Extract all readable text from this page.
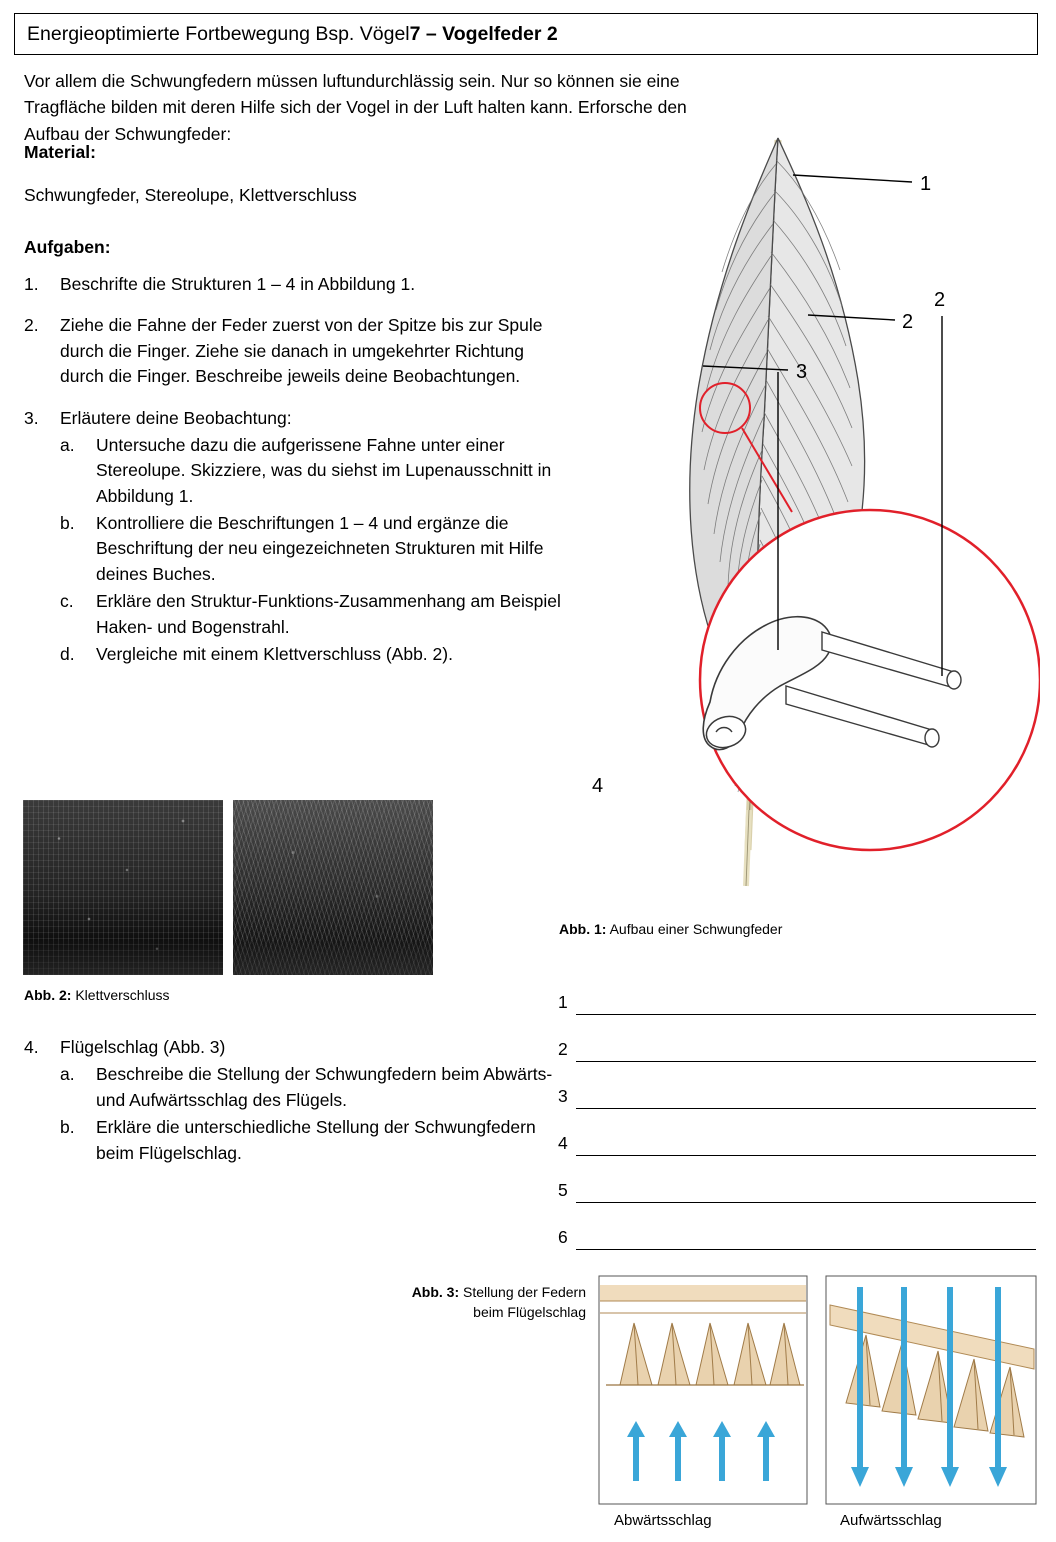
Energieoptimierte Fortbewegung Bsp. Vögel 7 – Vogelfeder 2
Vor allem die Schwungfedern müssen luftundurchlässig sein. Nur so können sie eine Tragfläche bilden mit deren Hilfe sich der Vogel in der Luft halten kann. Erforsche den Aufbau der Schwungfeder:
Material:
Schwungfeder, Stereolupe, Klettverschluss
Aufgaben:
1.	Beschrifte die Strukturen 1 – 4 in Abbildung 1.
2.	Ziehe die Fahne der Feder zuerst von der Spitze bis zur Spule durch die Finger. Ziehe sie danach in umgekehrter Richtung durch die Finger. Beschreibe jeweils deine Beobachtungen.
3.	Erläutere deine Beobachtung:
a.	Untersuche dazu die aufgerissene Fahne unter einer Stereolupe. Skizziere, was du siehst im Lupenausschnitt in Abbildung 1.
b.	Kontrolliere die Beschriftungen 1 – 4 und ergänze die Beschriftung der neu eingezeichneten Strukturen mit Hilfe deines Buches.
c.	Erkläre den Struktur-Funktions-Zusammenhang am Beispiel Haken- und Bogenstrahl.
d.	Vergleiche mit einem Klettverschluss (Abb. 2).
Abb. 2: Klettverschluss
4.	Flügelschlag (Abb. 3)
a.	Beschreibe die Stellung der Schwungfedern beim Abwärts- und Aufwärtsschlag des Flügels.
b.	Erkläre die unterschiedliche Stellung der Schwungfedern beim Flügelschlag.
1
2
3
4
2
Abb. 1: Aufbau einer Schwungfeder
1
2
3
4
5
6
Abb. 3: Stellung der Federn beim Flügelschlag
Abwärtsschlag	Aufwärtsschlag
